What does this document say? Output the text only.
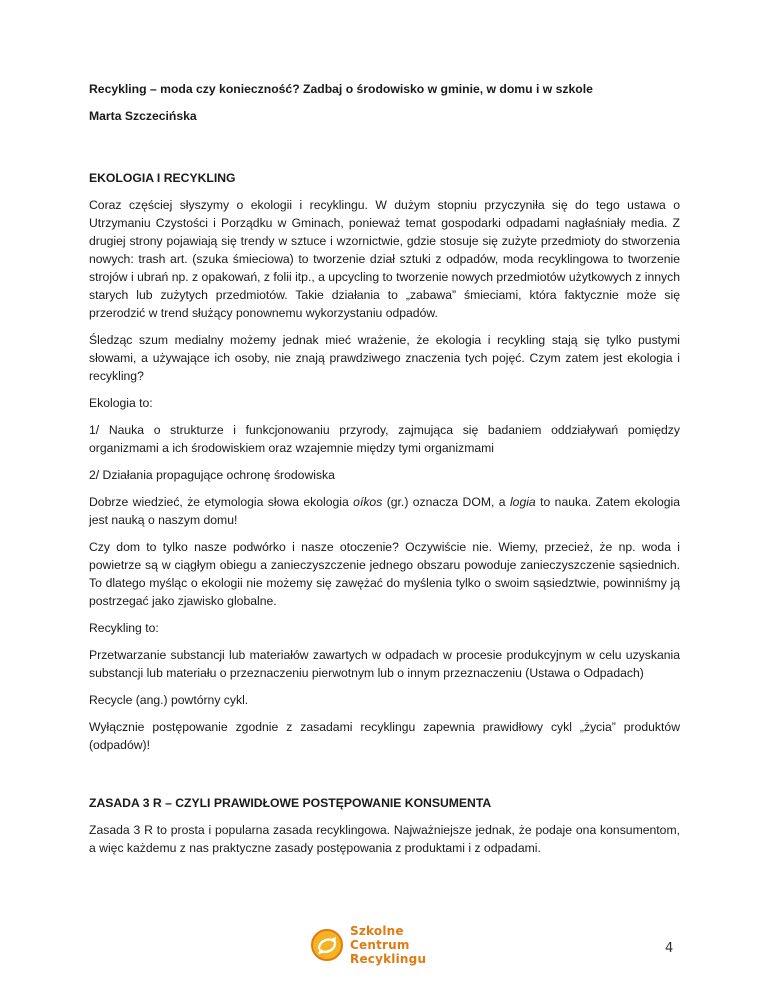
Recykling – moda czy konieczność? Zadbaj o środowisko w gminie, w domu i w szkole

Marta Szczecińska

EKOLOGIA I RECYKLING

Coraz częściej słyszymy o ekologii i recyklingu. W dużym stopniu przyczyniła się do tego ustawa o Utrzymaniu Czystości i Porządku w Gminach, ponieważ temat gospodarki odpadami nagłaśniały media. Z drugiej strony pojawiają się trendy w sztuce i wzornictwie, gdzie stosuje się zużyte przedmioty do stworzenia nowych: trash art. (szuka śmieciowa) to tworzenie dział sztuki z odpadów, moda recyklingowa to tworzenie strojów i ubrań np. z opakowań, z folii itp., a upcycling to tworzenie nowych przedmiotów użytkowych z innych starych lub zużytych przedmiotów. Takie działania to „zabawa” śmieciami, która faktycznie może się przerodzić w trend służący ponownemu wykorzystaniu odpadów.

Śledząc szum medialny możemy jednak mieć wrażenie, że ekologia i recykling stają się tylko pustymi słowami, a używające ich osoby, nie znają prawdziwego znaczenia tych pojęć. Czym zatem jest ekologia i recykling?

Ekologia to:

1/ Nauka o strukturze i funkcjonowaniu przyrody, zajmująca się badaniem oddziaływań pomiędzy organizmami a ich środowiskiem oraz wzajemnie między tymi organizmami

2/ Działania propagujące ochronę środowiska

Dobrze wiedzieć, że etymologia słowa ekologia oíkos (gr.) oznacza DOM, a logia to nauka. Zatem ekologia jest nauką o naszym domu!

Czy dom to tylko nasze podwórko i nasze otoczenie? Oczywiście nie. Wiemy, przecież, że np. woda i powietrze są w ciągłym obiegu a zanieczyszczenie jednego obszaru powoduje zanieczyszczenie sąsiednich. To dlatego myśląc o ekologii nie możemy się zawężać do myślenia tylko o swoim sąsiedztwie, powinniśmy ją postrzegać jako zjawisko globalne.

Recykling to:

Przetwarzanie substancji lub materiałów zawartych w odpadach w procesie produkcyjnym w celu uzyskania substancji lub materiału o przeznaczeniu pierwotnym lub o innym przeznaczeniu (Ustawa o Odpadach)

Recycle (ang.) powtórny cykl.

Wyłącznie postępowanie zgodnie z zasadami recyklingu zapewnia prawidłowy cykl „życia” produktów (odpadów)!

ZASADA 3 R – CZYLI PRAWIDŁOWE POSTĘPOWANIE KONSUMENTA

Zasada 3 R to prosta i popularna zasada recyklingowa. Najważniejsze jednak, że podaje ona konsumentom, a więc każdemu z nas praktyczne zasady postępowania z produktami i z odpadami.

Szkolne Centrum
Recyklingu
4
